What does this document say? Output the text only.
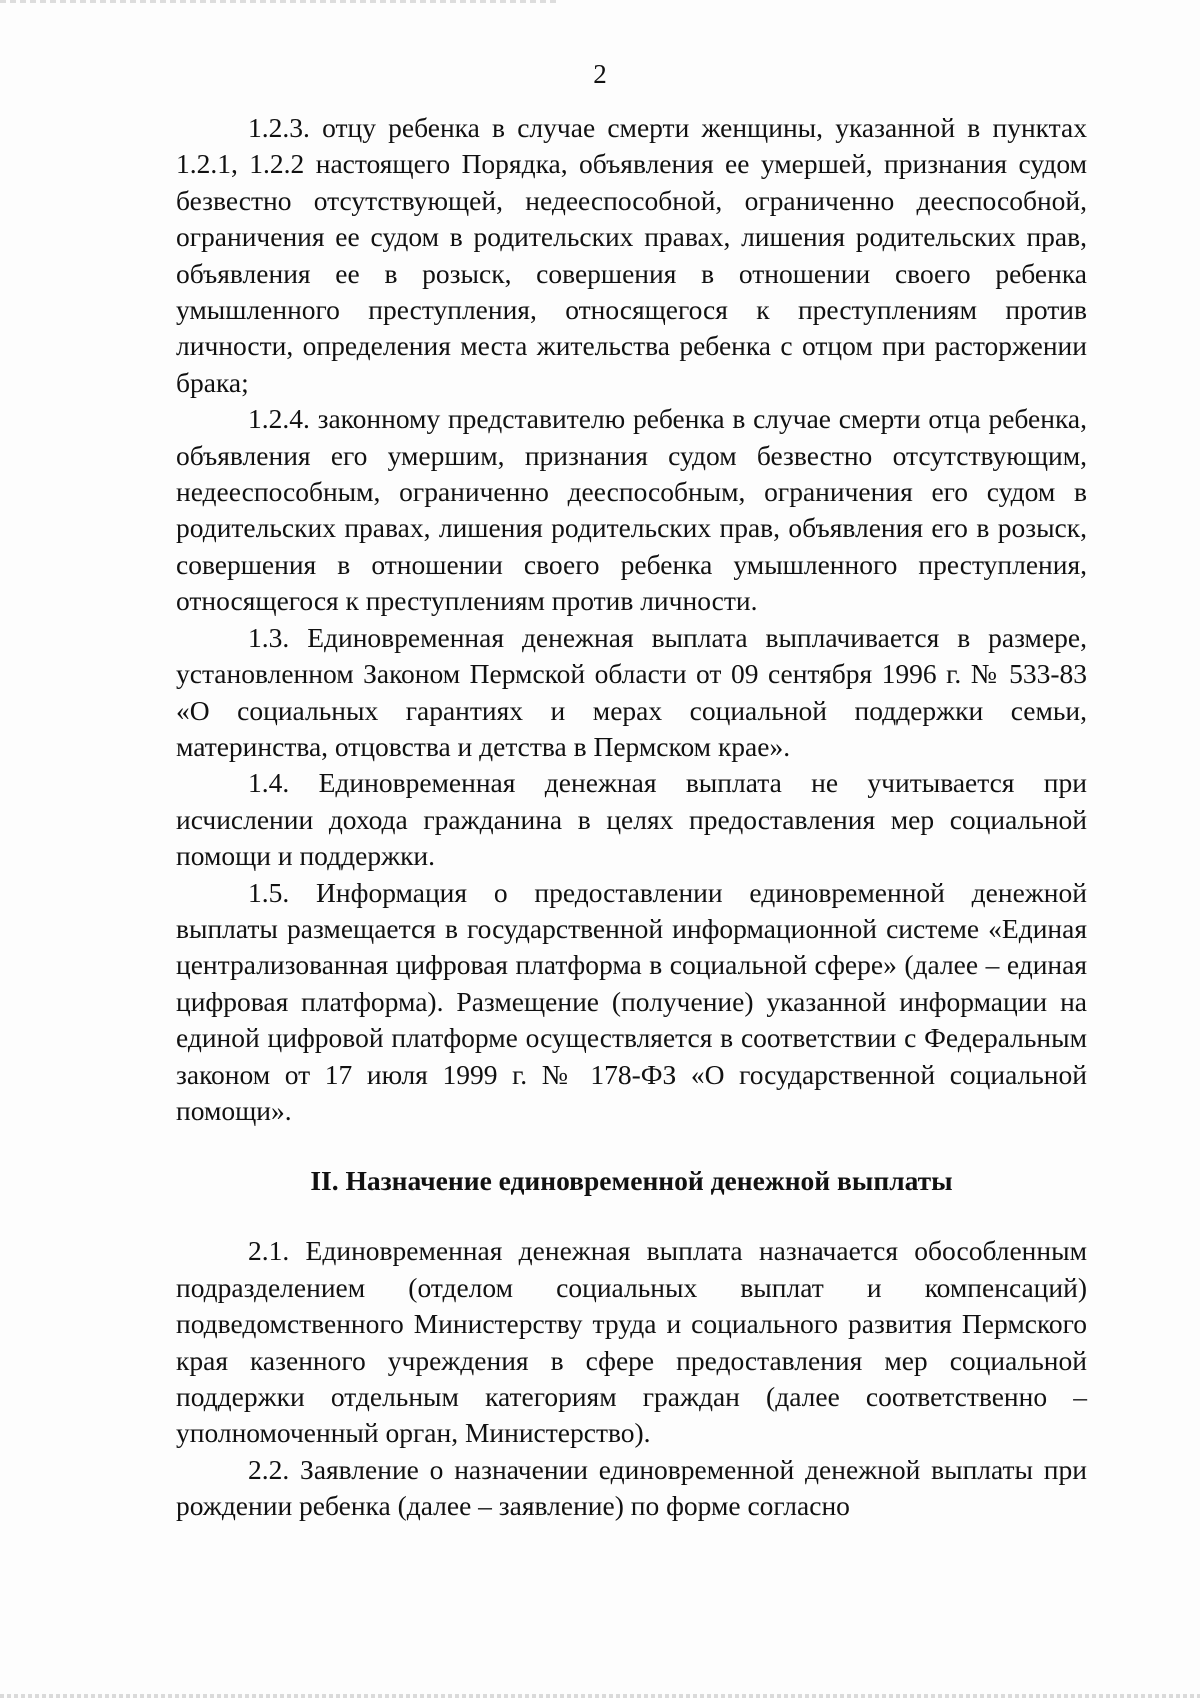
2

1.2.3. отцу ребенка в случае смерти женщины, указанной в пунктах 1.2.1, 1.2.2 настоящего Порядка, объявления ее умершей, признания судом безвестно отсутствующей, недееспособной, ограниченно дееспособной, ограничения ее судом в родительских правах, лишения родительских прав, объявления ее в розыск, совершения в отношении своего ребенка умышленного преступления, относящегося к преступлениям против личности, определения места жительства ребенка с отцом при расторжении брака;

1.2.4. законному представителю ребенка в случае смерти отца ребенка, объявления его умершим, признания судом безвестно отсутствующим, недееспособным, ограниченно дееспособным, ограничения его судом в родительских правах, лишения родительских прав, объявления его в розыск, совершения в отношении своего ребенка умышленного преступления, относящегося к преступлениям против личности.

1.3. Единовременная денежная выплата выплачивается в размере, установленном Законом Пермской области от 09 сентября 1996 г. № 533-83 «О социальных гарантиях и мерах социальной поддержки семьи, материнства, отцовства и детства в Пермском крае».

1.4. Единовременная денежная выплата не учитывается при исчислении дохода гражданина в целях предоставления мер социальной помощи и поддержки.

1.5. Информация о предоставлении единовременной денежной выплаты размещается в государственной информационной системе «Единая централизованная цифровая платформа в социальной сфере» (далее – единая цифровая платформа). Размещение (получение) указанной информации на единой цифровой платформе осуществляется в соответствии с Федеральным законом от 17 июля 1999 г. № 178-ФЗ «О государственной социальной помощи».

II. Назначение единовременной денежной выплаты

2.1. Единовременная денежная выплата назначается обособленным подразделением (отделом социальных выплат и компенсаций) подведомственного Министерству труда и социального развития Пермского края казенного учреждения в сфере предоставления мер социальной поддержки отдельным категориям граждан (далее соответственно – уполномоченный орган, Министерство).

2.2. Заявление о назначении единовременной денежной выплаты при рождении ребенка (далее – заявление) по форме согласно
